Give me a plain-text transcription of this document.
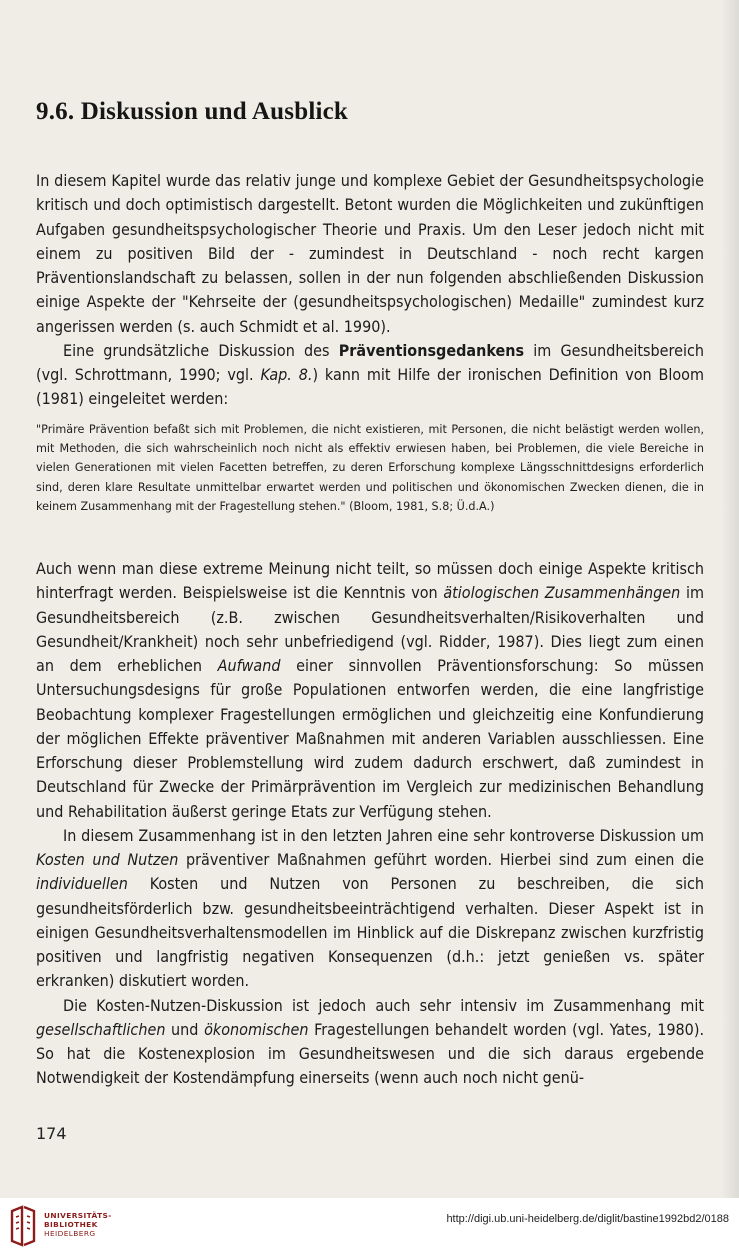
9.6. Diskussion und Ausblick

In diesem Kapitel wurde das relativ junge und komplexe Gebiet der Gesundheitspsychologie kritisch und doch optimistisch dargestellt. Betont wurden die Möglichkeiten und zukünftigen Aufgaben gesundheitspsychologischer Theorie und Praxis. Um den Leser jedoch nicht mit einem zu positiven Bild der - zumindest in Deutschland - noch recht kargen Präventionslandschaft zu belassen, sollen in der nun folgenden abschließenden Diskussion einige Aspekte der "Kehrseite der (gesundheitspsychologischen) Medaille" zumindest kurz angerissen werden (s. auch Schmidt et al. 1990).

Eine grundsätzliche Diskussion des Präventionsgedankens im Gesundheitsbereich (vgl. Schrottmann, 1990; vgl. Kap. 8.) kann mit Hilfe der ironischen Definition von Bloom (1981) eingeleitet werden:

"Primäre Prävention befaßt sich mit Problemen, die nicht existieren, mit Personen, die nicht belästigt werden wollen, mit Methoden, die sich wahrscheinlich noch nicht als effektiv erwiesen haben, bei Problemen, die viele Bereiche in vielen Generationen mit vielen Facetten betreffen, zu deren Erforschung komplexe Längsschnittdesigns erforderlich sind, deren klare Resultate unmittelbar erwartet werden und politischen und ökonomischen Zwecken dienen, die in keinem Zusammenhang mit der Fragestellung stehen." (Bloom, 1981, S.8; Ü.d.A.)

Auch wenn man diese extreme Meinung nicht teilt, so müssen doch einige Aspekte kritisch hinterfragt werden. Beispielsweise ist die Kenntnis von ätiologischen Zusammenhängen im Gesundheitsbereich (z.B. zwischen Gesundheitsverhalten/Risikoverhalten und Gesundheit/Krankheit) noch sehr unbefriedigend (vgl. Ridder, 1987). Dies liegt zum einen an dem erheblichen Aufwand einer sinnvollen Präventionsforschung: So müssen Untersuchungsdesigns für große Populationen entworfen werden, die eine langfristige Beobachtung komplexer Fragestellungen ermöglichen und gleichzeitig eine Konfundierung der möglichen Effekte präventiver Maßnahmen mit anderen Variablen ausschliessen. Eine Erforschung dieser Problemstellung wird zudem dadurch erschwert, daß zumindest in Deutschland für Zwecke der Primärprävention im Vergleich zur medizinischen Behandlung und Rehabilitation äußerst geringe Etats zur Verfügung stehen.

In diesem Zusammenhang ist in den letzten Jahren eine sehr kontroverse Diskussion um Kosten und Nutzen präventiver Maßnahmen geführt worden. Hierbei sind zum einen die individuellen Kosten und Nutzen von Personen zu beschreiben, die sich gesundheitsförderlich bzw. gesundheitsbeeinträchtigend verhalten. Dieser Aspekt ist in einigen Gesundheitsverhaltensmodellen im Hinblick auf die Diskrepanz zwischen kurzfristig positiven und langfristig negativen Konsequenzen (d.h.: jetzt genießen vs. später erkranken) diskutiert worden.

Die Kosten-Nutzen-Diskussion ist jedoch auch sehr intensiv im Zusammenhang mit gesellschaftlichen und ökonomischen Fragestellungen behandelt worden (vgl. Yates, 1980). So hat die Kostenexplosion im Gesundheitswesen und die sich daraus ergebende Notwendigkeit der Kostendämpfung einerseits (wenn auch noch nicht genü-

174
UNIVERSITÄTS-
BIBLIOTHEK
HEIDELBERG
http://digi.ub.uni-heidelberg.de/diglit/bastine1992bd2/0188
